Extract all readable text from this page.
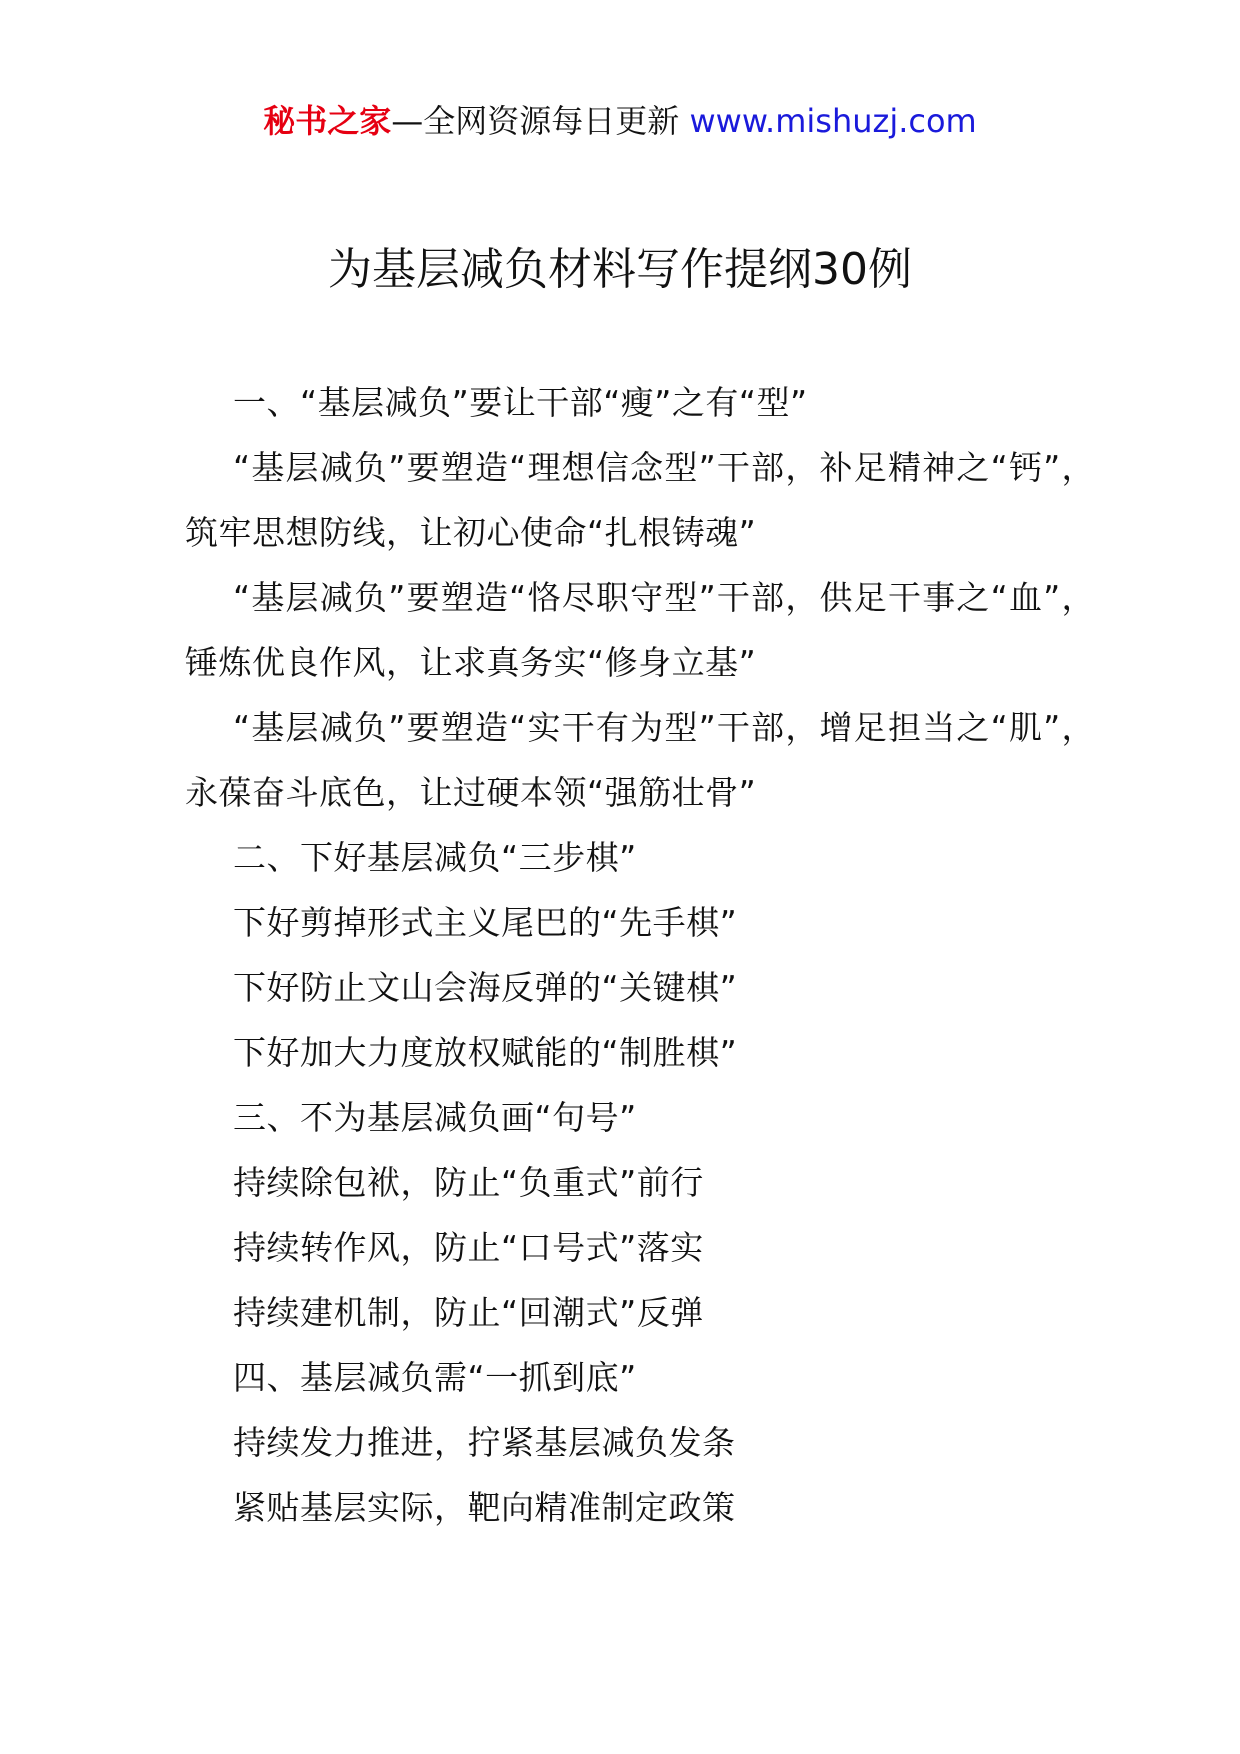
秘书之家—全网资源每日更新 www.mishuzj.com
为基层减负材料写作提纲30例

一、“基层减负”要让干部“瘦”之有“型”

“基层减负”要塑造“理想信念型”干部，补足精神之“钙”，筑牢思想防线，让初心使命“扎根铸魂”

“基层减负”要塑造“恪尽职守型”干部，供足干事之“血”，锤炼优良作风，让求真务实“修身立基”

“基层减负”要塑造“实干有为型”干部，增足担当之“肌”，永葆奋斗底色，让过硬本领“强筋壮骨”

二、下好基层减负“三步棋”

下好剪掉形式主义尾巴的“先手棋”

下好防止文山会海反弹的“关键棋”

下好加大力度放权赋能的“制胜棋”

三、不为基层减负画“句号”

持续除包袱，防止“负重式”前行

持续转作风，防止“口号式”落实

持续建机制，防止“回潮式”反弹

四、基层减负需“一抓到底”

持续发力推进，拧紧基层减负发条

紧贴基层实际，靶向精准制定政策
